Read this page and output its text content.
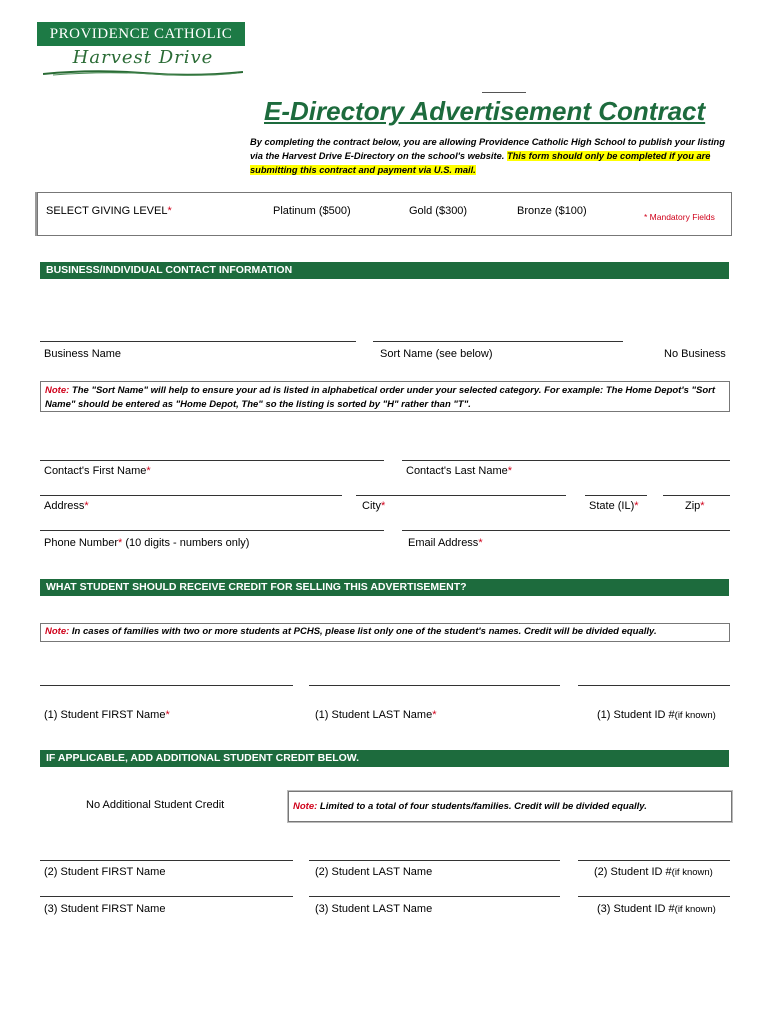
PROVIDENCE CATHOLIC
Harvest Drive
E-Directory Advertisement Contract
By completing the contract below, you are allowing Providence Catholic High School to publish your listing via the Harvest Drive E-Directory on the school's website. This form should only be completed if you are submitting this contract and payment via U.S. mail.
SELECT GIVING LEVEL*	Platinum ($500)	Gold ($300)	Bronze ($100)	* Mandatory Fields
BUSINESS/INDIVIDUAL CONTACT INFORMATION
Business Name	Sort Name (see below)	No Business
Note: The "Sort Name" will help to ensure your ad is listed in alphabetical order under your selected category. For example: The Home Depot's "Sort Name" should be entered as "Home Depot, The" so the listing is sorted by "H" rather than "T".
Contact's First Name*	Contact's Last Name*
Address*	City*	State (IL)*	Zip*
Phone Number* (10 digits - numbers only)	Email Address*
WHAT STUDENT SHOULD RECEIVE CREDIT FOR SELLING THIS ADVERTISEMENT?
Note: In cases of families with two or more students at PCHS, please list only one of the student's names. Credit will be divided equally.
(1) Student FIRST Name*	(1) Student LAST Name*	(1) Student ID #(if known)
IF APPLICABLE, ADD ADDITIONAL STUDENT CREDIT BELOW.
No Additional Student Credit	Note: Limited to a total of four students/families. Credit will be divided equally.
(2) Student FIRST Name	(2) Student LAST Name	(2) Student ID #(if known)
(3) Student FIRST Name	(3) Student LAST Name	(3) Student ID #(if known)
